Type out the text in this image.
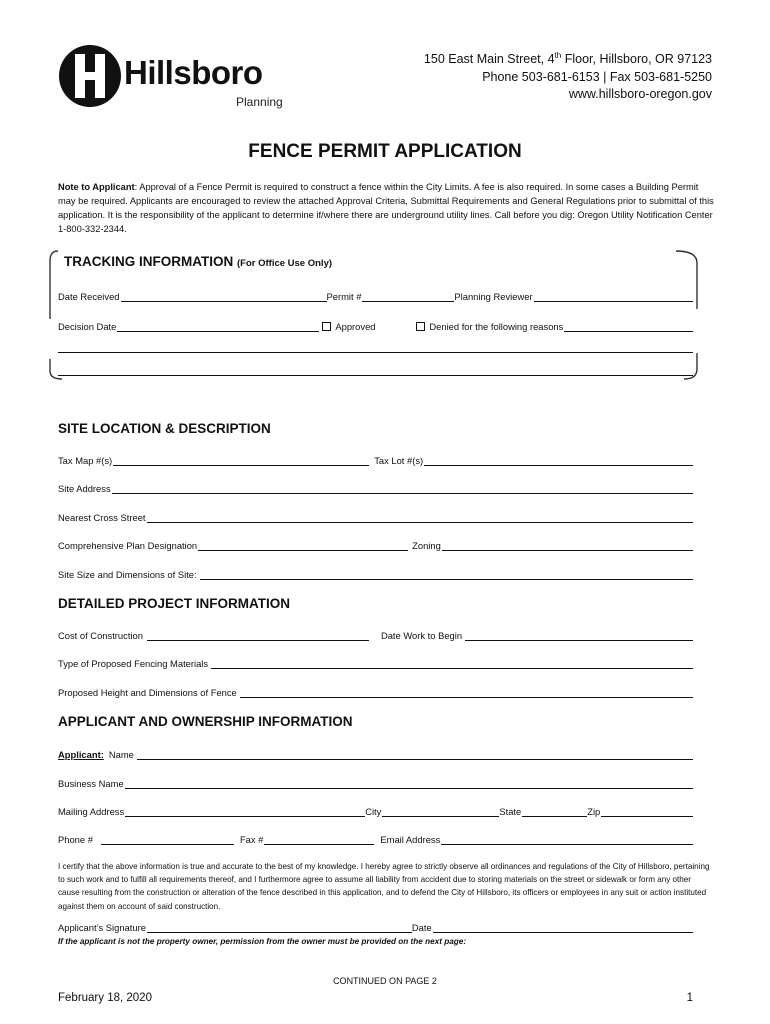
Hillsboro
Planning
150 East Main Street, 4th Floor, Hillsboro, OR 97123
Phone 503-681-6153 | Fax 503-681-5250
www.hillsboro-oregon.gov
FENCE PERMIT APPLICATION
Note to Applicant: Approval of a Fence Permit is required to construct a fence within the City Limits. A fee is also required. In some cases a Building Permit may be required. Applicants are encouraged to review the attached Approval Criteria, Submittal Requirements and General Regulations prior to submittal of this application. It is the responsibility of the applicant to determine if/where there are underground utility lines. Call before you dig: Oregon Utility Notification Center 1-800-332-2344.
TRACKING INFORMATION (For Office Use Only)
Date Received	Permit #	Planning Reviewer
Decision Date	Approved	Denied for the following reasons
SITE LOCATION & DESCRIPTION
Tax Map #(s)	Tax Lot #(s)
Site Address
Nearest Cross Street
Comprehensive Plan Designation	Zoning
Site Size and Dimensions of Site:
DETAILED PROJECT INFORMATION
Cost of Construction	Date Work to Begin
Type of Proposed Fencing Materials
Proposed Height and Dimensions of Fence
APPLICANT AND OWNERSHIP INFORMATION
Applicant: Name
Business Name
Mailing Address	City	State	Zip
Phone #	Fax #	Email Address
I certify that the above information is true and accurate to the best of my knowledge. I hereby agree to strictly observe all ordinances and regulations of the City of Hillsboro, pertaining to such work and to fulfill all requirements thereof, and I furthermore agree to assume all liability from accident due to storing materials on the street or sidewalk or form any other cause resulting from the construction or alteration of the fence described in this application, and to defend the City of Hillsboro, its officers or employees in any suit or action instituted against them on account of said construction.
Applicant’s Signature	Date
If the applicant is not the property owner, permission from the owner must be provided on the next page:
CONTINUED ON PAGE 2
February 18, 2020	1
